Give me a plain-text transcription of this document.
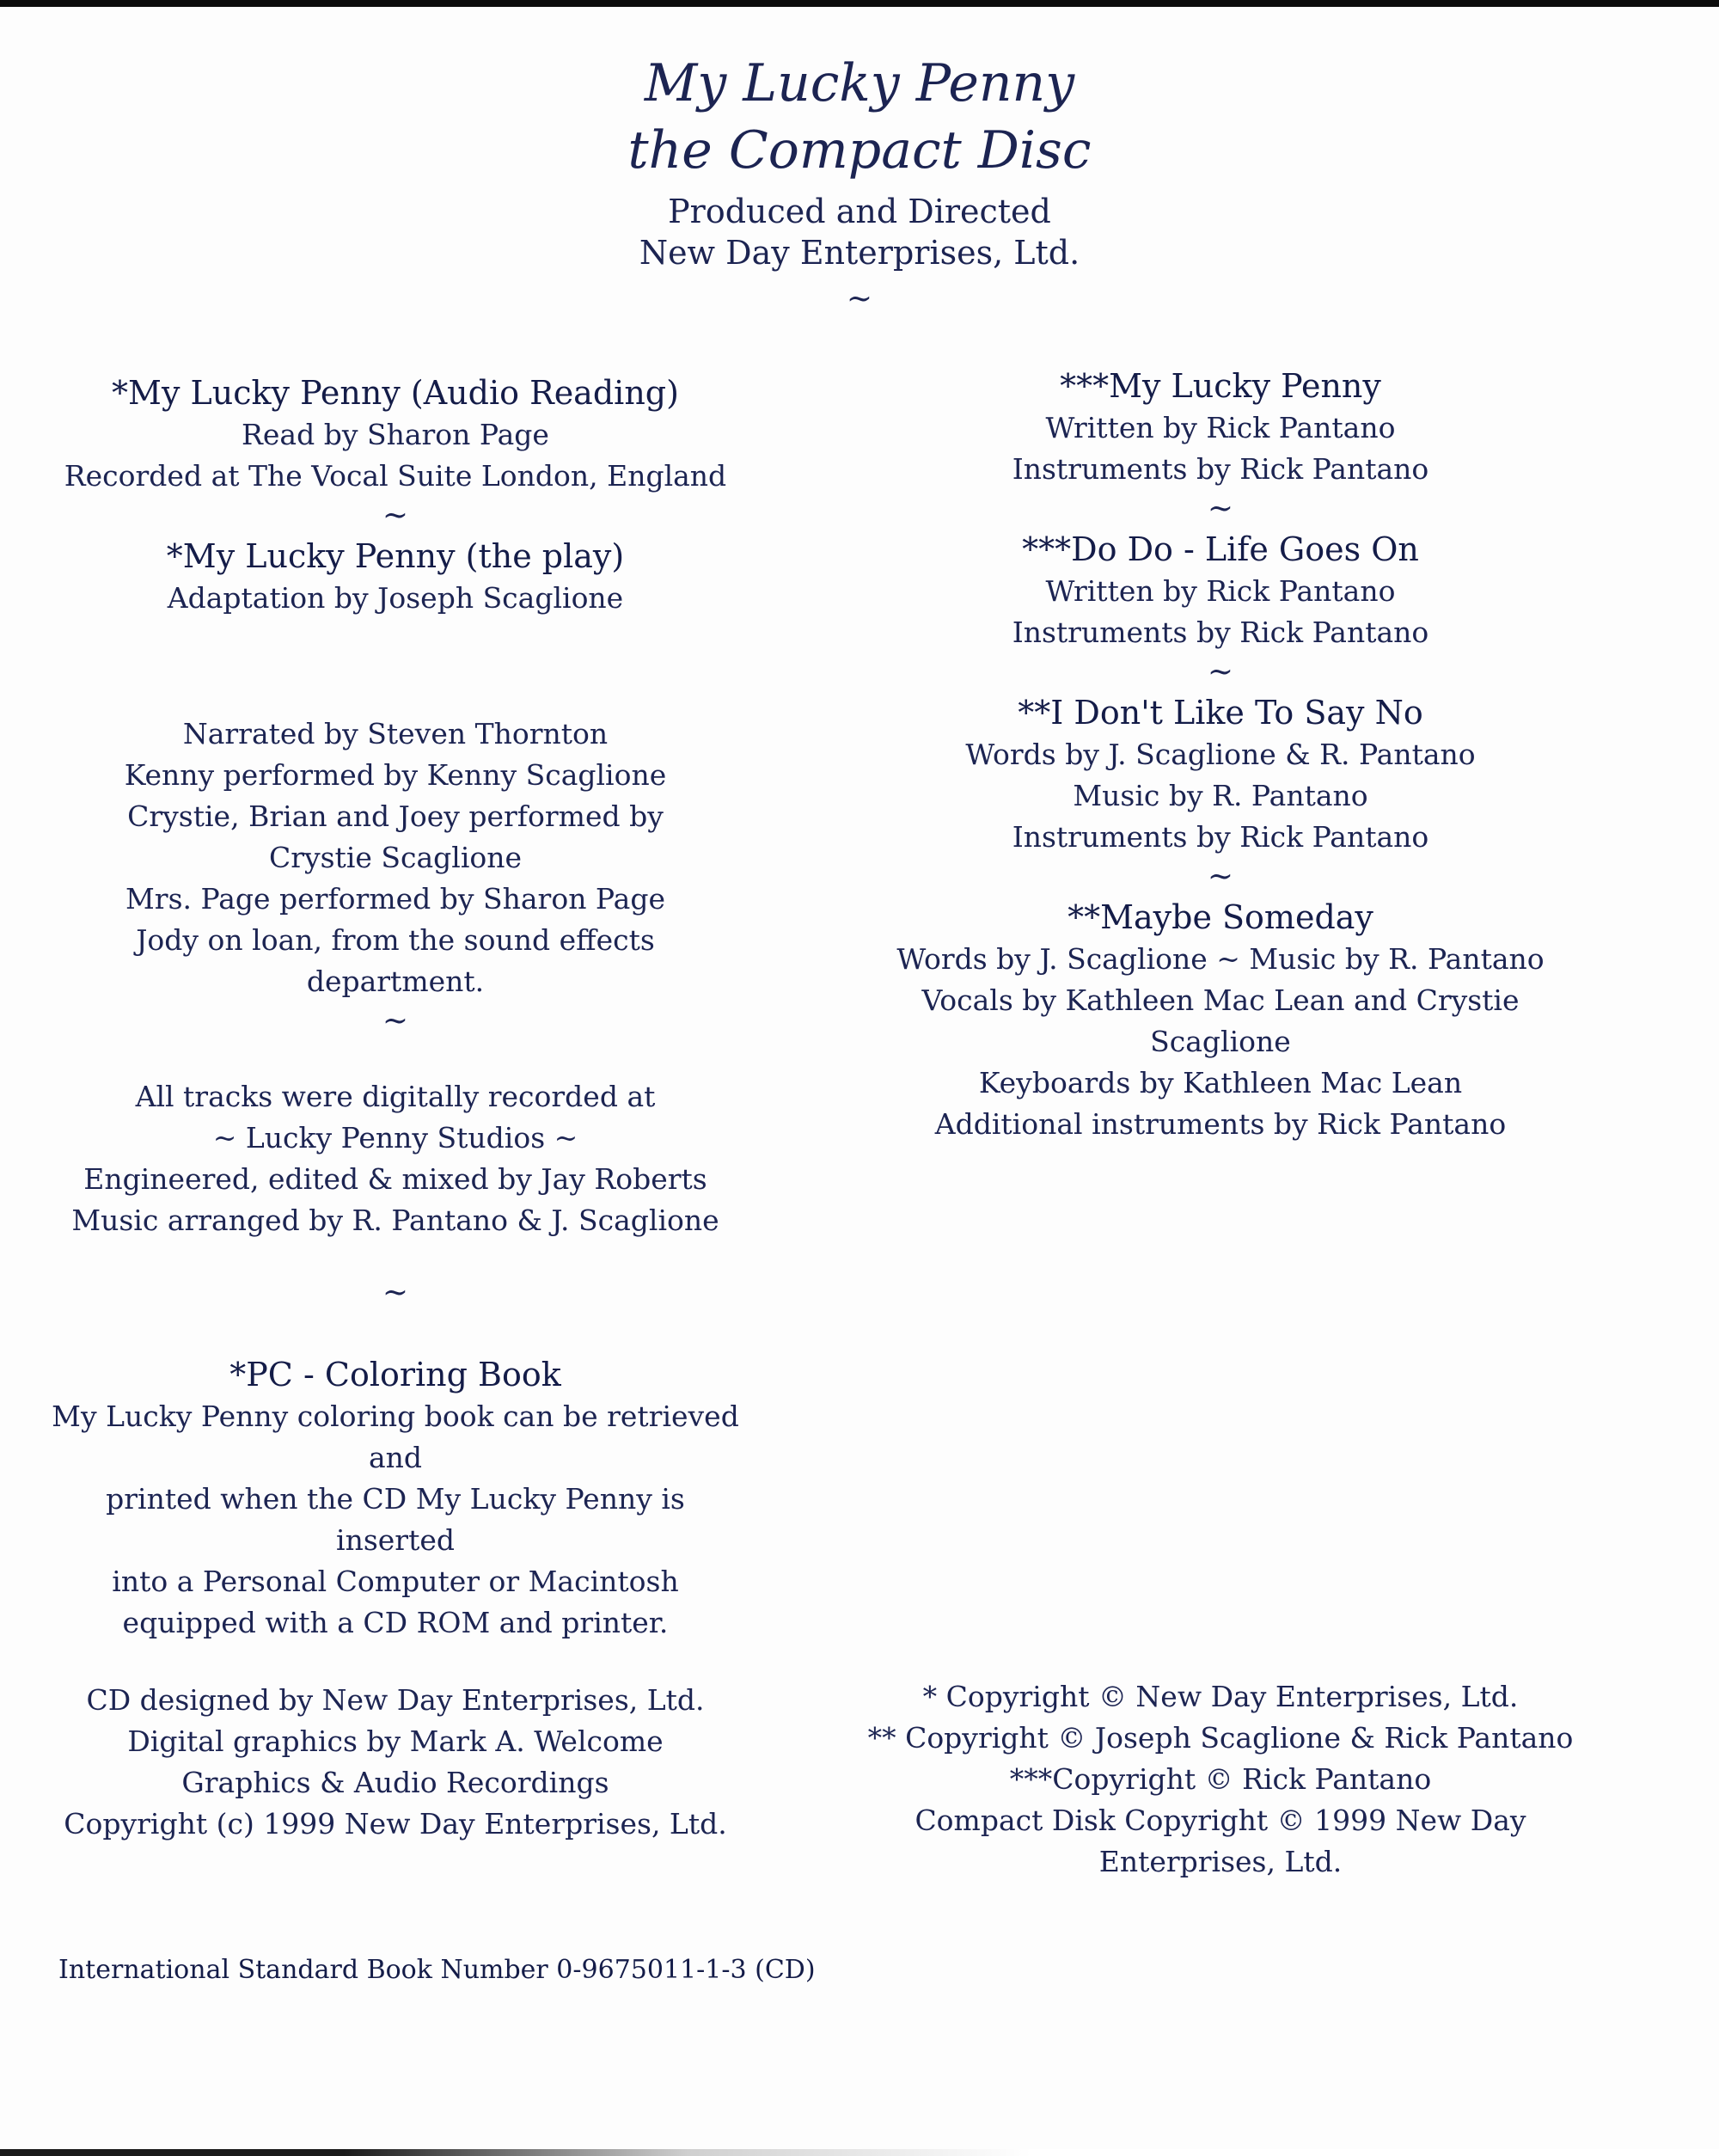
My Lucky Penny

the Compact Disc

Produced and Directed

New Day Enterprises, Ltd.

~

*My Lucky Penny (Audio Reading)

Read by Sharon Page

Recorded at The Vocal Suite London, England

~

*My Lucky Penny (the play)

Adaptation by Joseph Scaglione

Narrated by Steven Thornton

Kenny performed by Kenny Scaglione

Crystie, Brian and Joey performed by

Crystie Scaglione

Mrs. Page performed by Sharon Page

Jody on loan, from the sound effects department.

~

All tracks were digitally recorded at

~ Lucky Penny Studios ~

Engineered, edited & mixed by Jay Roberts

Music arranged by R. Pantano & J. Scaglione

~

*PC - Coloring Book

My Lucky Penny coloring book can be retrieved and

printed when the CD My Lucky Penny is inserted

into a Personal Computer or Macintosh

equipped with a CD ROM and printer.

CD designed by New Day Enterprises, Ltd.

Digital graphics by Mark A. Welcome

Graphics & Audio Recordings

Copyright (c) 1999 New Day Enterprises, Ltd.

***My Lucky Penny

Written by Rick Pantano

Instruments by Rick Pantano

~

***Do Do - Life Goes On

Written by Rick Pantano

Instruments by Rick Pantano

~

**I Don't Like To Say No

Words by J. Scaglione & R. Pantano

Music by R. Pantano

Instruments by Rick Pantano

~

**Maybe Someday

Words by J. Scaglione ~ Music by R. Pantano

Vocals by Kathleen Mac Lean and Crystie Scaglione

Keyboards by Kathleen Mac Lean

Additional instruments by Rick Pantano

* Copyright © New Day Enterprises, Ltd.

** Copyright © Joseph Scaglione & Rick Pantano

***Copyright © Rick Pantano

Compact Disk Copyright © 1999 New Day Enterprises, Ltd.

International Standard Book Number 0-9675011-1-3 (CD)
